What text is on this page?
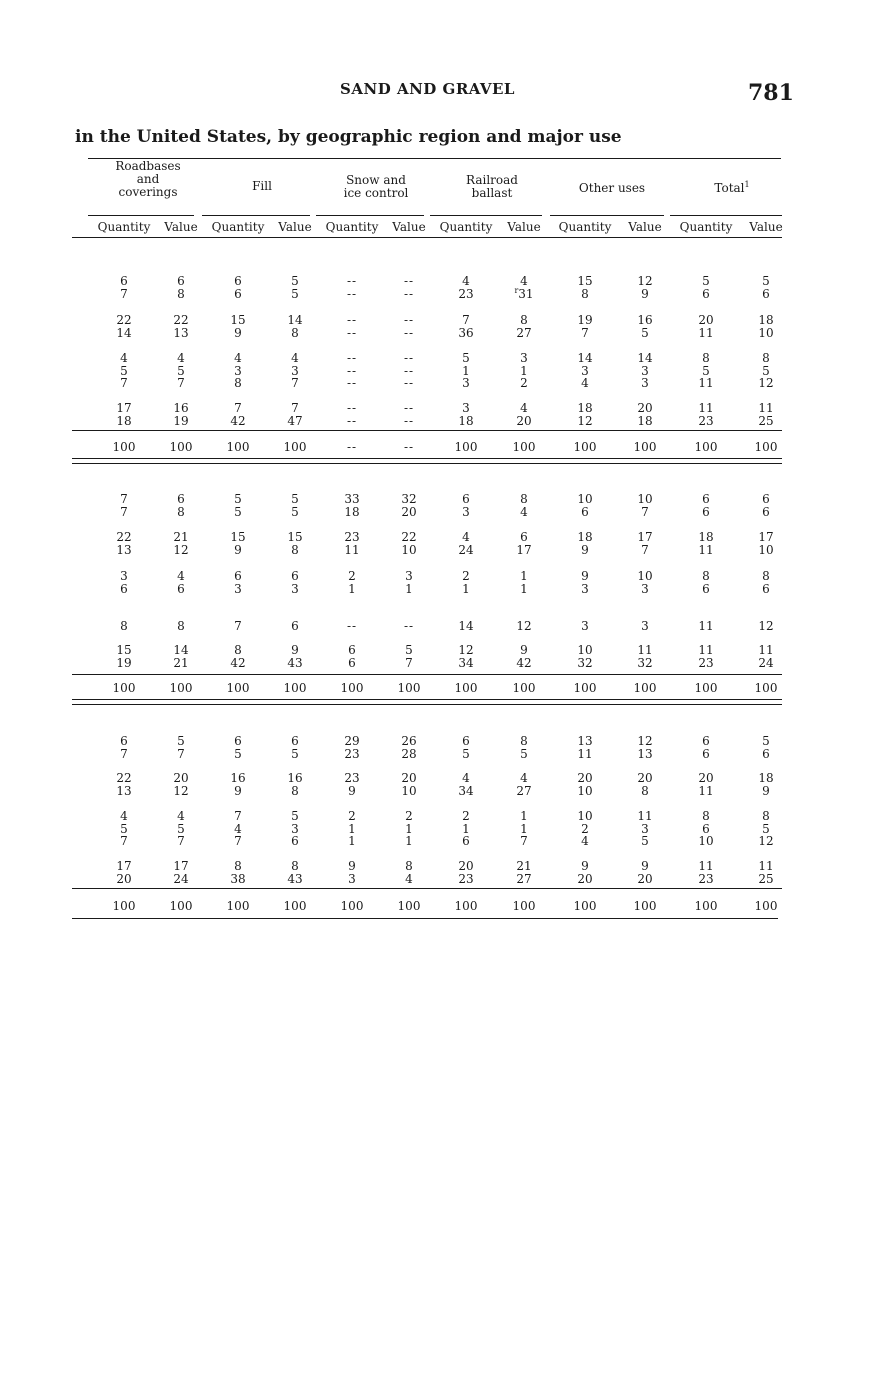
SAND AND GRAVEL	781
in the United States, by geographic region and major use
Roadbases
and
coverings	Fill	Snow and
ice control
Railroad
ballast	Other uses	Total$^1$
Quantity	Value	Quantity	Value	Quantity	Value	Quantity	Value	Quantity	Value	Quantity	Value
6	6	6	5	--	--	4	4	15	12	5	5
7	8	6	5	--	--	23	$^r$31	8	9	6	6
22	22	15	14	--	--	7	8	19	16	20	18
14	13	9	8	--	--	36	27	7	5	11	10
4	4	4	4	--	--	5	3	14	14	8	8
5	5	3	3	--	--	1	1	3	3	5	5
7	7	8	7	--	--	3	2	4	3	11	12
17	16	7	7	--	--	3	4	18	20	11	11
18	19	42	47	--	--	18	20	12	18	23	25
100	100	100	100	--	--	100	100	100	100	100	100
7	6	5	5	33	32	6	8	10	10	6	6
7	8	5	5	18	20	3	4	6	7	6	6
22	21	15	15	23	22	4	6	18	17	18	17
13	12	9	8	11	10	24	17	9	7	11	10
3	4	6	6	2	3	2	1	9	10	8	8
6	6	3	3	1	1	1	1	3	3	6	6
8	8	7	6	--	--	14	12	3	3	11	12
15	14	8	9	6	5	12	9	10	11	11	11
19	21	42	43	6	7	34	42	32	32	23	24
100	100	100	100	100	100	100	100	100	100	100	100
6	5	6	6	29	26	6	8	13	12	6	5
7	7	5	5	23	28	5	5	11	13	6	6
22	20	16	16	23	20	4	4	20	20	20	18
13	12	9	8	9	10	34	27	10	8	11	9
4	4	7	5	2	2	2	1	10	11	8	8
5	5	4	3	1	1	1	1	2	3	6	5
7	7	7	6	1	1	6	7	4	5	10	12
17	17	8	8	9	8	20	21	9	9	11	11
20	24	38	43	3	4	23	27	20	20	23	25
100	100	100	100	100	100	100	100	100	100	100	100
